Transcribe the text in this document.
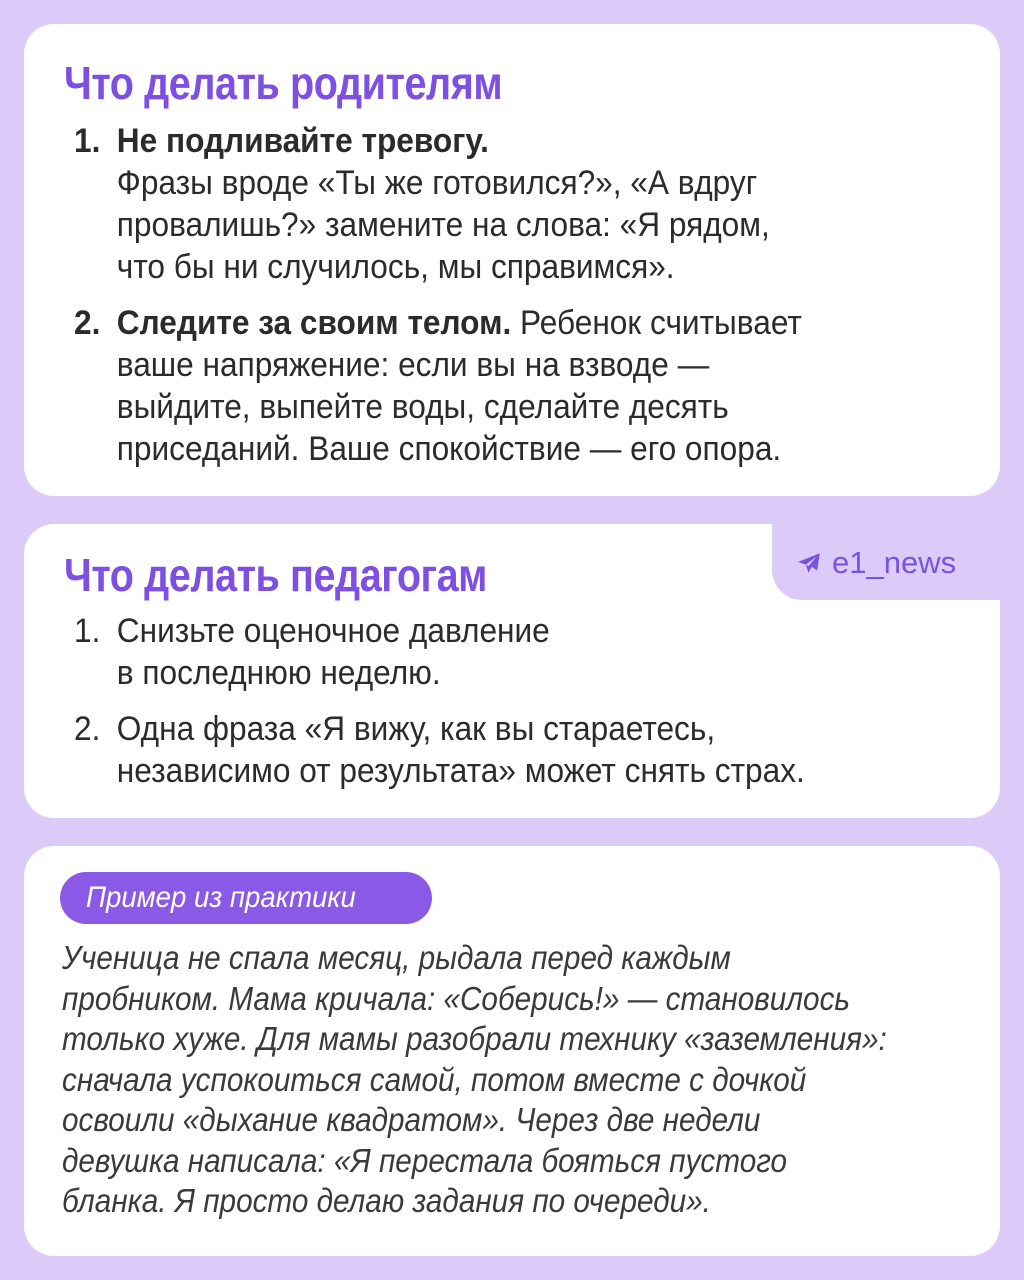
Что делать родителям
1. Не подливайте тревогу.
Фразы вроде «Ты же готовился?», «А вдруг
провалишь?» замените на слова: «Я рядом,
что бы ни случилось, мы справимся».
2. Следите за своим телом. Ребенок считывает
ваше напряжение: если вы на взводе —
выйдите, выпейте воды, сделайте десять
приседаний. Ваше спокойствие — его опора.
Что делать педагогам
1. Снизьте оценочное давление
в последнюю неделю.
2. Одна фраза «Я вижу, как вы стараетесь,
независимо от результата» может снять страх.
e1_news
Пример из практики
Ученица не спала месяц, рыдала перед каждым
пробником. Мама кричала: «Соберись!» — становилось
только хуже. Для мамы разобрали технику «заземления»:
сначала успокоиться самой, потом вместе с дочкой
освоили «дыхание квадратом». Через две недели
девушка написала: «Я перестала бояться пустого
бланка. Я просто делаю задания по очереди».
